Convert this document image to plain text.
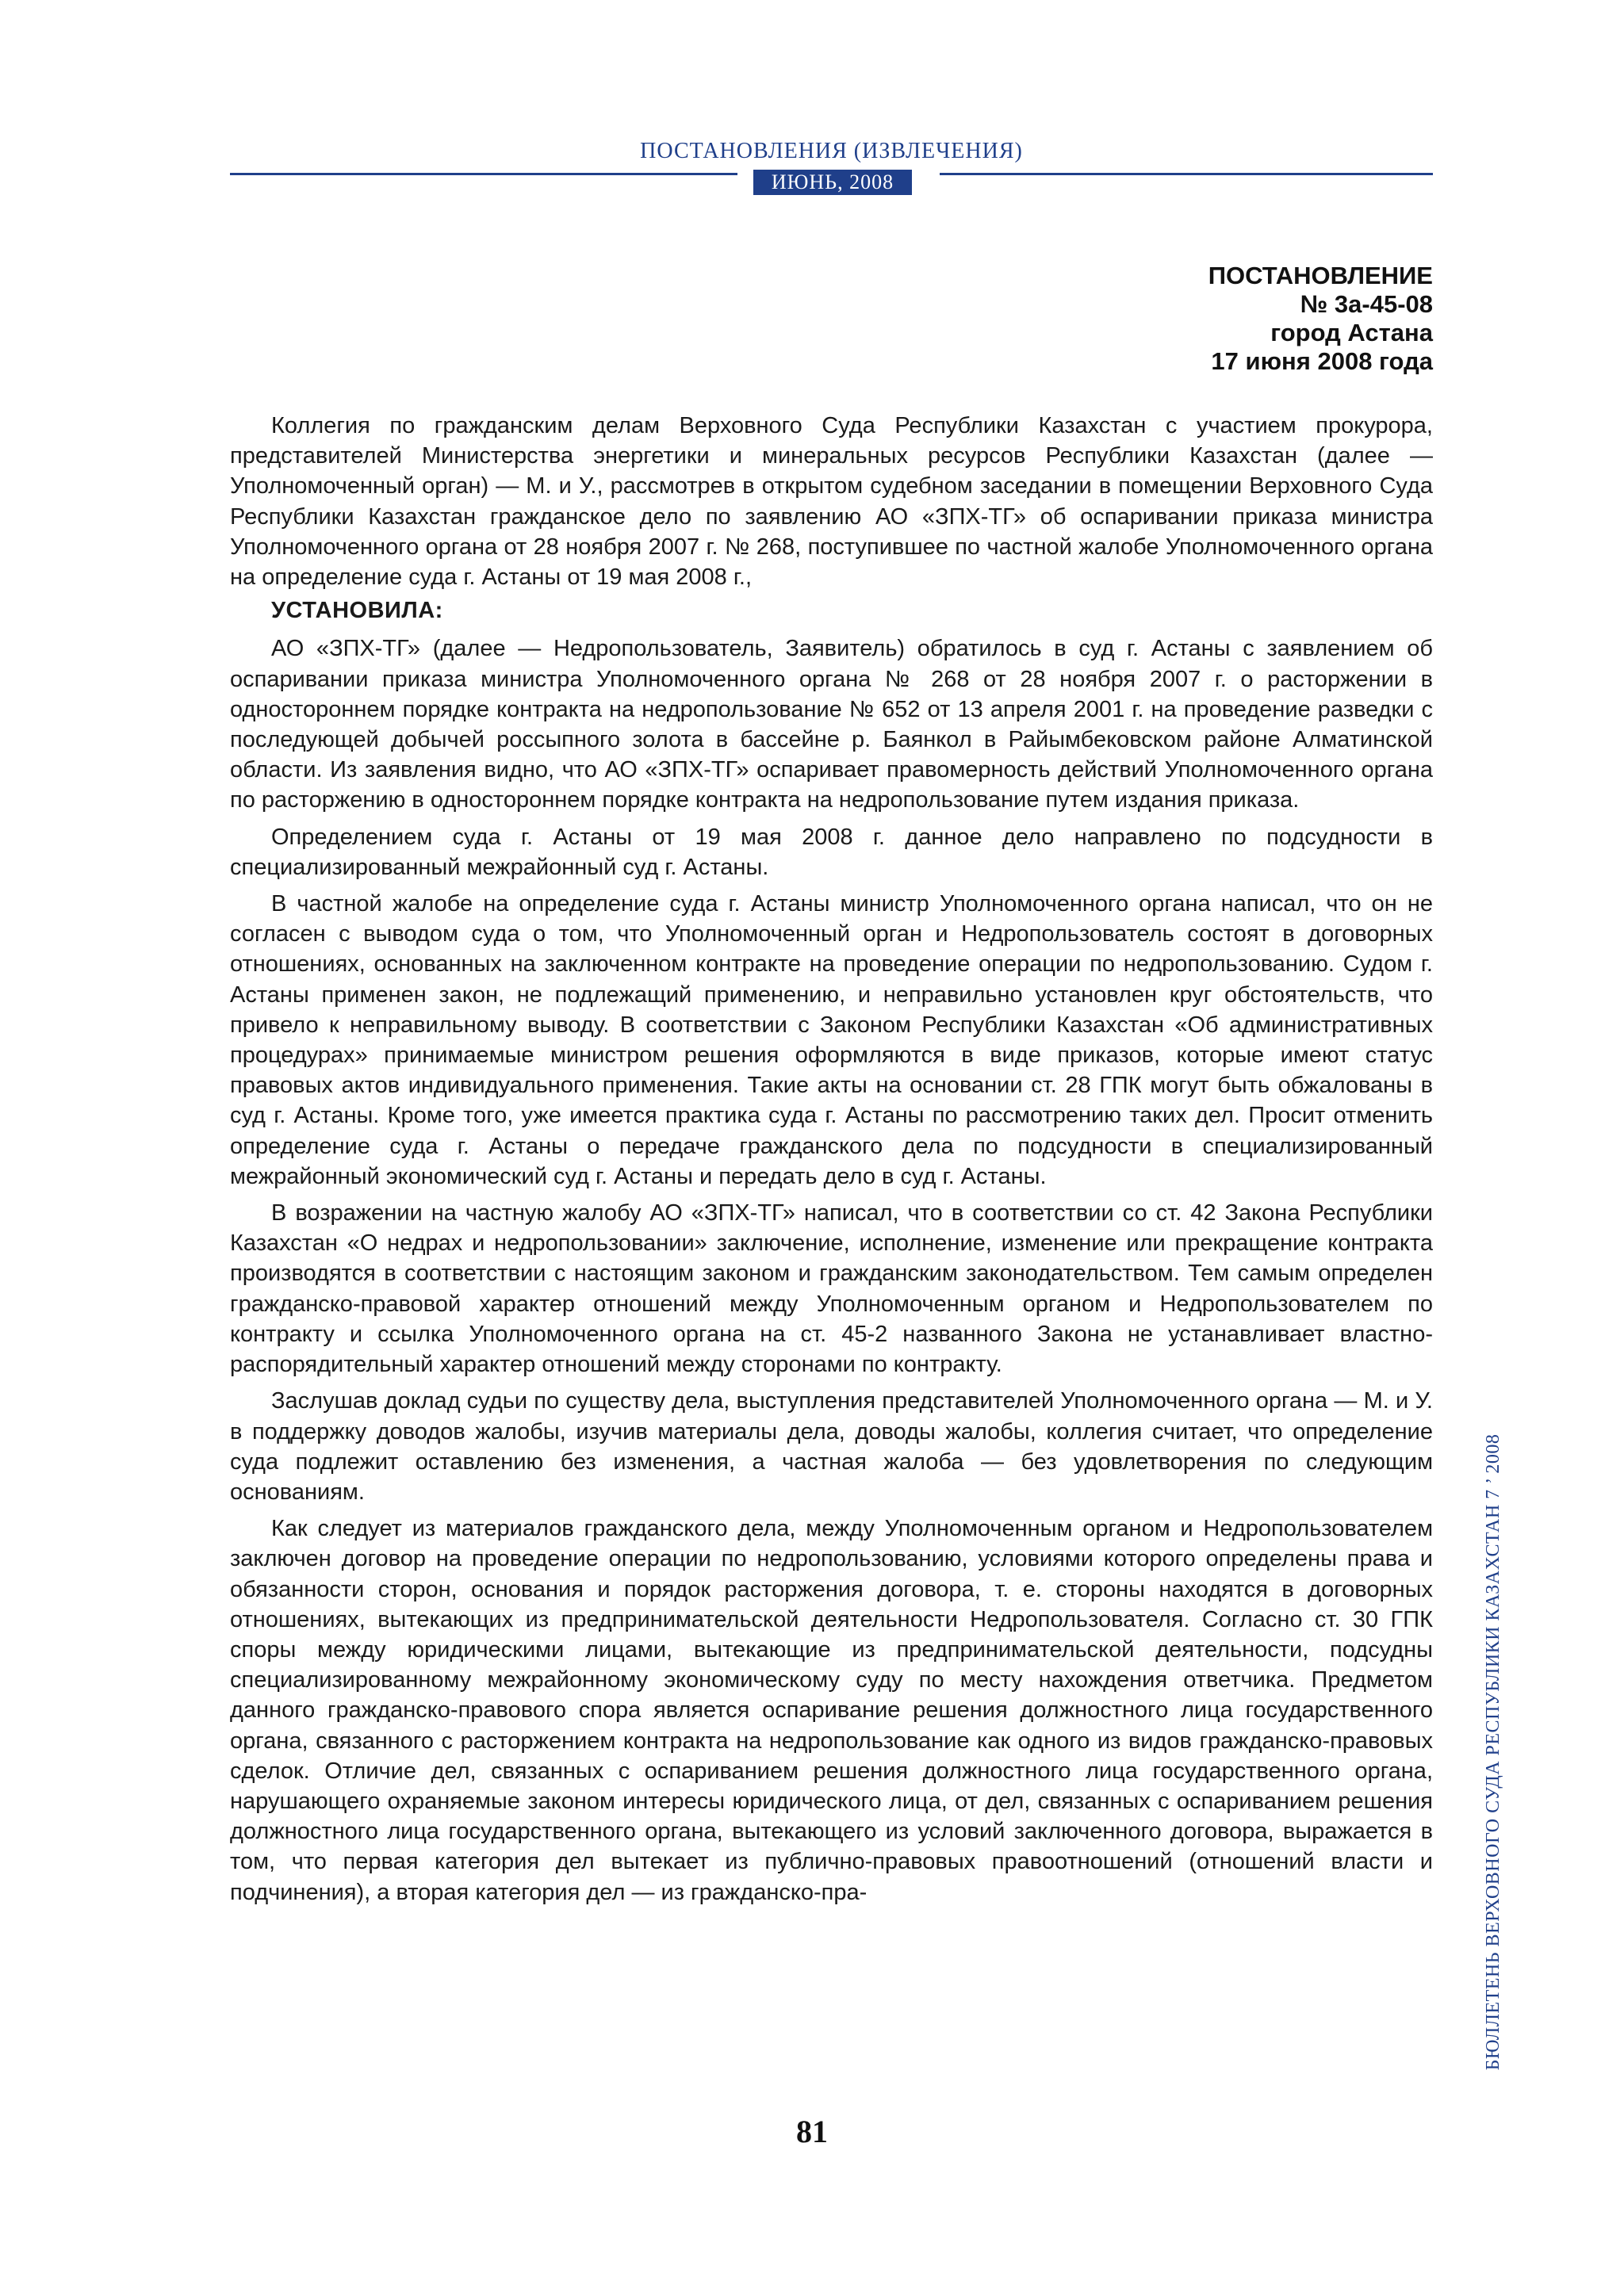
ПОСТАНОВЛЕНИЯ (ИЗВЛЕЧЕНИЯ)
ИЮНЬ, 2008
ПОСТАНОВЛЕНИЕ
№ 3а-45-08
город Астана
17 июня 2008 года

Коллегия по гражданским делам Верховного Суда Республики Казахстан с участием прокурора, представителей Министерства энергетики и минеральных ресурсов Республики Казахстан (далее — Уполномоченный орган) — М. и У., рассмотрев в открытом судебном заседании в помещении Верховного Суда Республики Казахстан гражданское дело по заявлению АО «ЗПХ-ТГ» об оспаривании приказа министра Уполномоченного органа от 28 ноября 2007 г. № 268, поступившее по частной жалобе Уполномоченного органа на определение суда г. Астаны от 19 мая 2008 г.,

УСТАНОВИЛА:

АО «ЗПХ-ТГ» (далее — Недропользователь, Заявитель) обратилось в суд г. Астаны с заявлением об оспаривании приказа министра Уполномоченного органа № 268 от 28 ноября 2007 г. о расторжении в одностороннем порядке контракта на недропользование № 652 от 13 апреля 2001 г. на проведение разведки с последующей добычей россыпного золота в бассейне р. Баянкол в Райымбековском районе Алматинской области. Из заявления видно, что АО «ЗПХ-ТГ» оспаривает правомерность действий Уполномоченного органа по расторжению в одностороннем порядке контракта на недропользование путем издания приказа.

Определением суда г. Астаны от 19 мая 2008 г. данное дело направлено по подсудности в специализированный межрайонный суд г. Астаны.

В частной жалобе на определение суда г. Астаны министр Уполномоченного органа написал, что он не согласен с выводом суда о том, что Уполномоченный орган и Недропользователь состоят в договорных отношениях, основанных на заключенном контракте на проведение операции по недропользованию. Судом г. Астаны применен закон, не подлежащий применению, и неправильно установлен круг обстоятельств, что привело к неправильному выводу. В соответствии с Законом Республики Казахстан «Об административных процедурах» принимаемые министром решения оформляются в виде приказов, которые имеют статус правовых актов индивидуального применения. Такие акты на основании ст. 28 ГПК могут быть обжалованы в суд г. Астаны. Кроме того, уже имеется практика суда г. Астаны по рассмотрению таких дел. Просит отменить определение суда г. Астаны о передаче гражданского дела по подсудности в специализированный межрайонный экономический суд г. Астаны и передать дело в суд г. Астаны.

В возражении на частную жалобу АО «ЗПХ-ТГ» написал, что в соответствии со ст. 42 Закона Республики Казахстан «О недрах и недропользовании» заключение, исполнение, изменение или прекращение контракта производятся в соответствии с настоящим законом и гражданским законодательством. Тем самым определен гражданско-правовой характер отношений между Уполномоченным органом и Недропользователем по контракту и ссылка Уполномоченного органа на ст. 45-2 названного Закона не устанавливает властно-распорядительный характер отношений между сторонами по контракту.

Заслушав доклад судьи по существу дела, выступления представителей Уполномоченного органа — М. и У. в поддержку доводов жалобы, изучив материалы дела, доводы жалобы, коллегия считает, что определение суда подлежит оставлению без изменения, а частная жалоба — без удовлетворения по следующим основаниям.

Как следует из материалов гражданского дела, между Уполномоченным органом и Недропользователем заключен договор на проведение операции по недропользованию, условиями которого определены права и обязанности сторон, основания и порядок расторжения договора, т. е. стороны находятся в договорных отношениях, вытекающих из предпринимательской деятельности Недропользователя. Согласно ст. 30 ГПК споры между юридическими лицами, вытекающие из предпринимательской деятельности, подсудны специализированному межрайонному экономическому суду по месту нахождения ответчика. Предметом данного гражданско-правового спора является оспаривание решения должностного лица государственного органа, связанного с расторжением контракта на недропользование как одного из видов гражданско-правовых сделок. Отличие дел, связанных с оспариванием решения должностного лица государственного органа, нарушающего охраняемые законом интересы юридического лица, от дел, связанных с оспариванием решения должностного лица государственного органа, вытекающего из условий заключенного договора, выражается в том, что первая категория дел вытекает из публично-правовых правоотношений (отношений власти и подчинения), а вторая категория дел — из гражданско-пра-

81
БЮЛЛЕТЕНЬ ВЕРХОВНОГО СУДА РЕСПУБЛИКИ КАЗАХСТАН 7 ’ 2008
